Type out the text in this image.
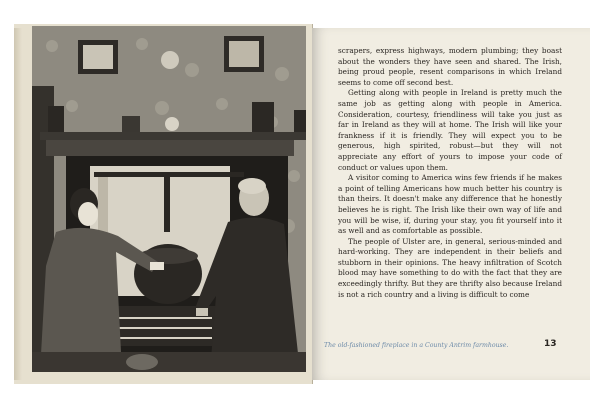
scrapers, express highways, modern plumbing; they boast about the wonders they have seen and shared. The Irish, being proud people, resent comparisons in which Ireland seems to come off second best.

Getting along with people in Ireland is pretty much the same job as getting along with people in America. Consideration, courtesy, friendliness will take you just as far in Ireland as they will at home. The Irish will like your frankness if it is friendly. They will expect you to be generous, high spirited, robust—but they will not appreciate any effort of yours to impose your code of conduct or values upon them.

A visitor coming to America wins few friends if he makes a point of telling Americans how much better his country is than theirs. It doesn't make any difference that he honestly believes he is right. The Irish like their own way of life and you will be wise, if, during your stay, you fit yourself into it as well and as comfortable as possible.

The people of Ulster are, in general, serious-minded and hard-working. They are independent in their beliefs and stubborn in their opinions. The heavy infiltration of Scotch blood may have something to do with the fact that they are exceedingly thrifty. But they are thrifty also because Ireland is not a rich country and a living is difficult to come

The old-fashioned fireplace in a County Antrim farmhouse.	13
